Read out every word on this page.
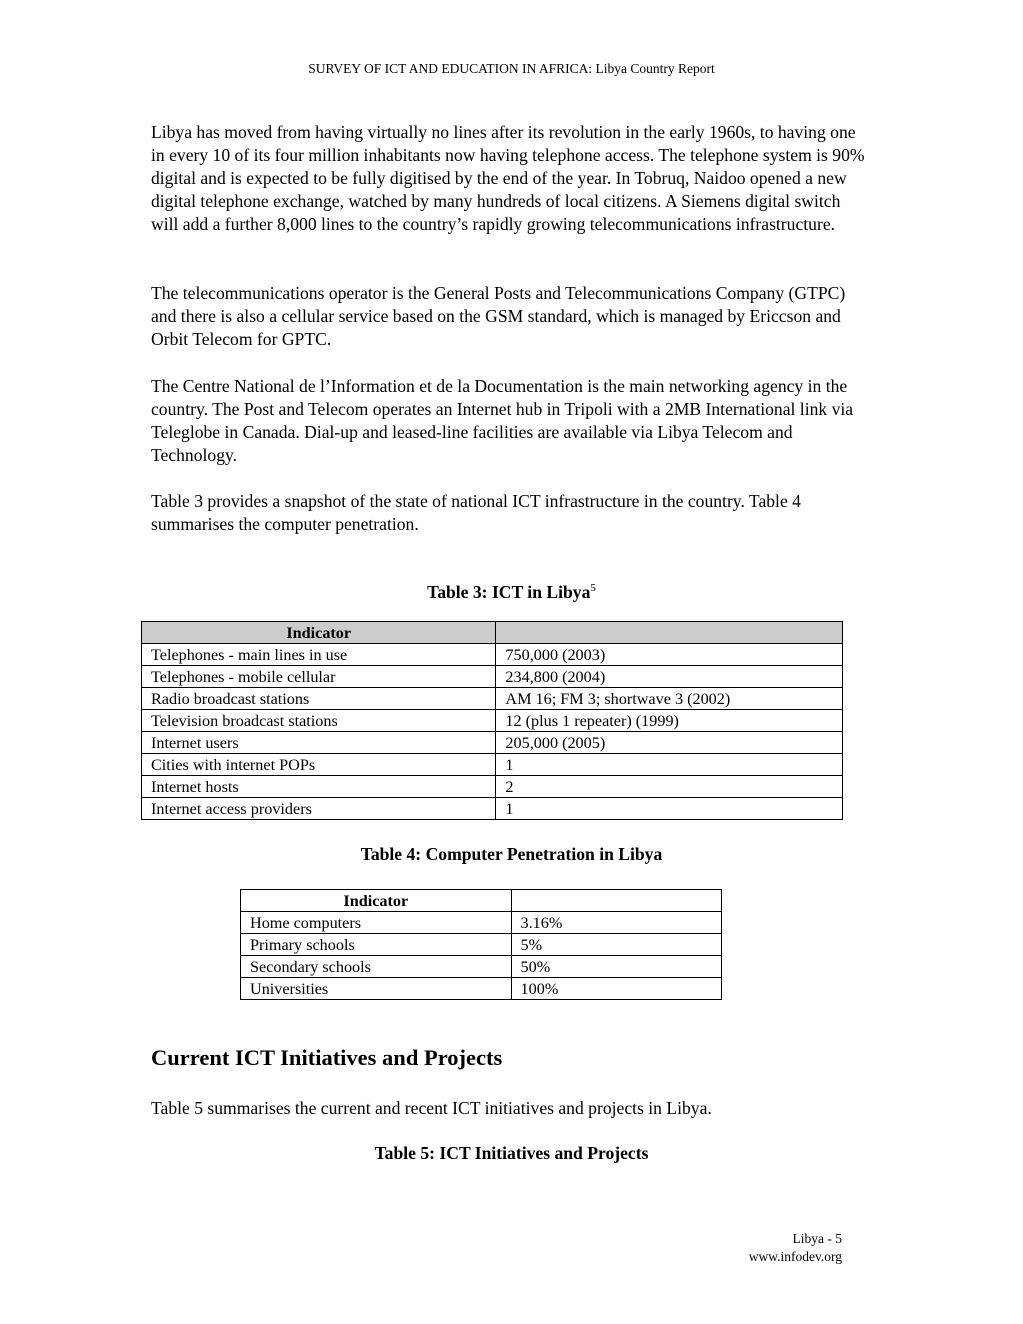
SURVEY OF ICT AND EDUCATION IN AFRICA: Libya Country Report

Libya has moved from having virtually no lines after its revolution in the early 1960s, to having one in every 10 of its four million inhabitants now having telephone access. The telephone system is 90% digital and is expected to be fully digitised by the end of the year. In Tobruq, Naidoo opened a new digital telephone exchange, watched by many hundreds of local citizens. A Siemens digital switch will add a further 8,000 lines to the country’s rapidly growing telecommunications infrastructure.

The telecommunications operator is the General Posts and Telecommunications Company (GTPC) and there is also a cellular service based on the GSM standard, which is managed by Ericcson and Orbit Telecom for GPTC.

The Centre National de l’Information et de la Documentation is the main networking agency in the country. The Post and Telecom operates an Internet hub in Tripoli with a 2MB International link via Teleglobe in Canada. Dial-up and leased-line facilities are available via Libya Telecom and Technology.

Table 3 provides a snapshot of the state of national ICT infrastructure in the country. Table 4 summarises the computer penetration.

Table 3: ICT in Libya$^5$

Indicator	
Telephones - main lines in use	750,000 (2003)
Telephones - mobile cellular	234,800 (2004)
Radio broadcast stations	AM 16; FM 3; shortwave 3 (2002)
Television broadcast stations	12 (plus 1 repeater) (1999)
Internet users	205,000 (2005)
Cities with internet POPs	1
Internet hosts	2
Internet access providers	1

Table 4: Computer Penetration in Libya

Indicator	
Home computers	3.16%
Primary schools	5%
Secondary schools	50%
Universities	100%
Current ICT Initiatives and Projects

Table 5 summarises the current and recent ICT initiatives and projects in Libya.

Table 5: ICT Initiatives and Projects

Libya - 5
www.infodev.org
